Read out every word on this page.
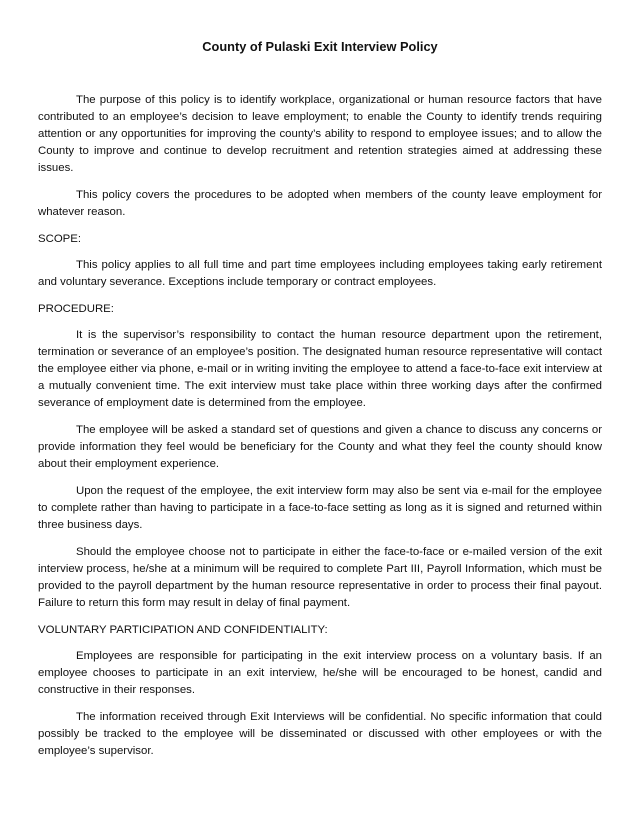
County of Pulaski Exit Interview Policy

The purpose of this policy is to identify workplace, organizational or human resource factors that have contributed to an employee’s decision to leave employment; to enable the County to identify trends requiring attention or any opportunities for improving the county’s ability to respond to employee issues; and to allow the County to improve and continue to develop recruitment and retention strategies aimed at addressing these issues.

This policy covers the procedures to be adopted when members of the county leave employment for whatever reason.

SCOPE:

This policy applies to all full time and part time employees including employees taking early retirement and voluntary severance. Exceptions include temporary or contract employees.

PROCEDURE:

It is the supervisor’s responsibility to contact the human resource department upon the retirement, termination or severance of an employee’s position. The designated human resource representative will contact the employee either via phone, e-mail or in writing inviting the employee to attend a face-to-face exit interview at a mutually convenient time. The exit interview must take place within three working days after the confirmed severance of employment date is determined from the employee.

The employee will be asked a standard set of questions and given a chance to discuss any concerns or provide information they feel would be beneficiary for the County and what they feel the county should know about their employment experience.

Upon the request of the employee, the exit interview form may also be sent via e-mail for the employee to complete rather than having to participate in a face-to-face setting as long as it is signed and returned within three business days.

Should the employee choose not to participate in either the face-to-face or e-mailed version of the exit interview process, he/she at a minimum will be required to complete Part III, Payroll Information, which must be provided to the payroll department by the human resource representative in order to process their final payout. Failure to return this form may result in delay of final payment.

VOLUNTARY PARTICIPATION AND CONFIDENTIALITY:

Employees are responsible for participating in the exit interview process on a voluntary basis. If an employee chooses to participate in an exit interview, he/she will be encouraged to be honest, candid and constructive in their responses.

The information received through Exit Interviews will be confidential. No specific information that could possibly be tracked to the employee will be disseminated or discussed with other employees or with the employee’s supervisor.
